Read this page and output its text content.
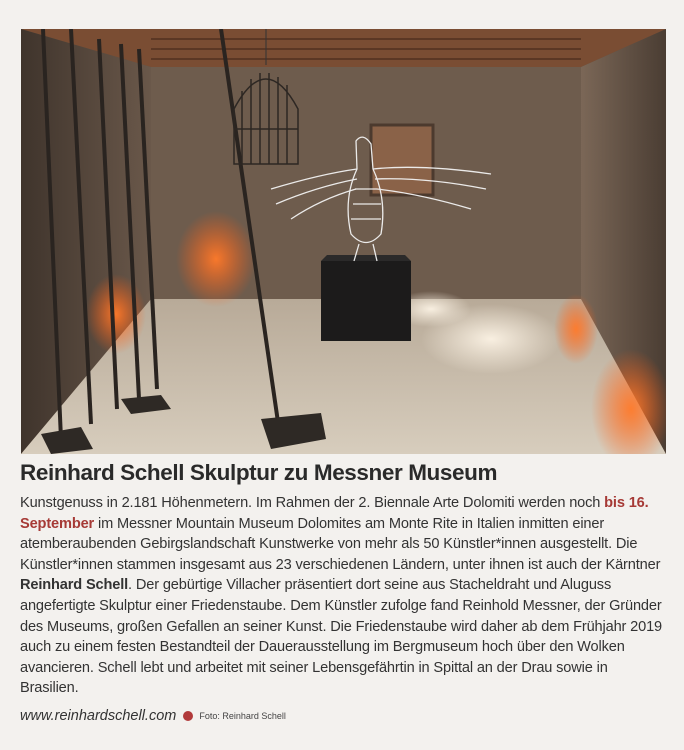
Reinhard Schell Skulptur zu Messner Museum

Kunstgenuss in 2.181 Höhenmetern. Im Rahmen der 2. Biennale Arte Dolomiti werden noch bis 16. September im Messner Mountain Museum Dolomites am Monte Rite in Italien inmitten einer atemberaubenden Gebirgslandschaft Kunstwerke von mehr als 50 Künstler*innen ausgestellt. Die Künstler*innen stammen insgesamt aus 23 verschiedenen Ländern, unter ihnen ist auch der Kärntner Reinhard Schell. Der gebürtige Villacher präsentiert dort seine aus Stacheldraht und Aluguss angefertigte Skulptur einer Friedenstaube. Dem Künstler zufolge fand Reinhold Messner, der Gründer des Museums, großen Gefallen an seiner Kunst. Die Friedenstaube wird daher ab dem Frühjahr 2019 auch zu einem festen Bestandteil der Dauerausstellung im Bergmuseum hoch über den Wolken avancieren. Schell lebt und arbeitet mit seiner Lebensgefährtin in Spittal an der Drau sowie in Brasilien.

www.reinhardschell.com	Foto: Reinhard Schell
